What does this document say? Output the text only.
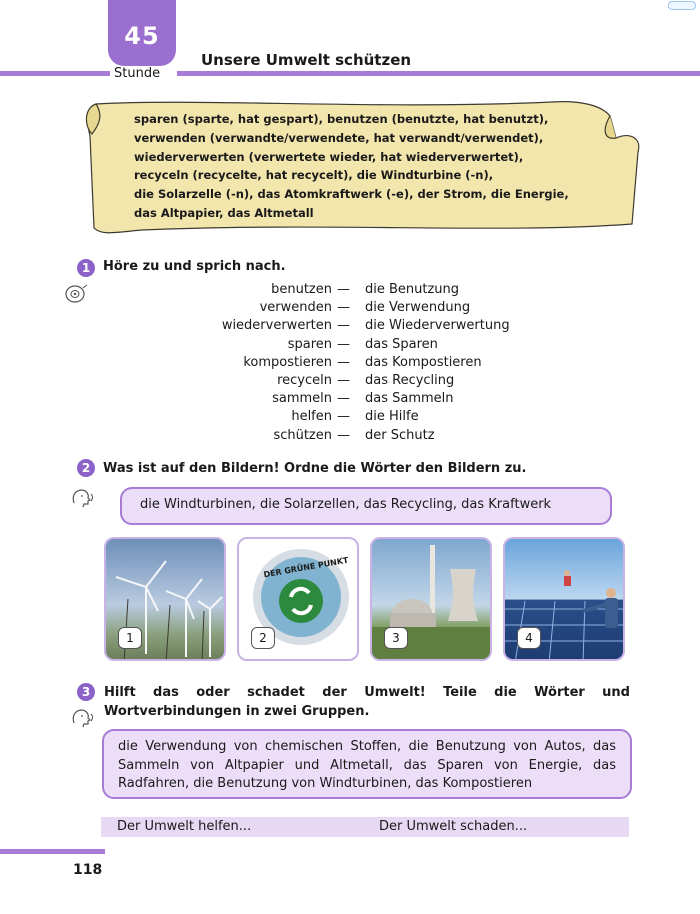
45
Stunde
Unsere Umwelt schützen
sparen (sparte, hat gespart), benutzen (benutzte, hat benutzt),
verwenden (verwandte/verwendete, hat verwandt/verwendet),
wiederverwerten (verwertete wieder, hat wiederverwertet),
recyceln (recycelte, hat recycelt), die Windturbine (-n),
die Solarzelle (-n), das Atomkraftwerk (-e), der Strom, die Energie,
das Altpapier, das Altmetall
1 Höre zu und sprich nach.
benutzen — die Benutzung
verwenden — die Verwendung
wiederverwerten — die Wiederverwertung
sparen — das Sparen
kompostieren — das Kompostieren
recyceln — das Recycling
sammeln — das Sammeln
helfen — die Hilfe
schützen — der Schutz
2 Was ist auf den Bildern! Ordne die Wörter den Bildern zu.
die Windturbinen, die Solarzellen, das Recycling, das Kraftwerk
1
DER GRÜNE PUNKT
2	3	4
3	Hilft das oder schadet der Umwelt! Teile die Wörter und Wortverbindungen in zwei Gruppen.
die Verwendung von chemischen Stoffen, die Benutzung von Autos, das Sammeln von Altpapier und Altmetall, das Sparen von Energie, das Radfahren, die Benutzung von Windturbinen, das Kompostieren
Der Umwelt helfen...	Der Umwelt schaden...
118
